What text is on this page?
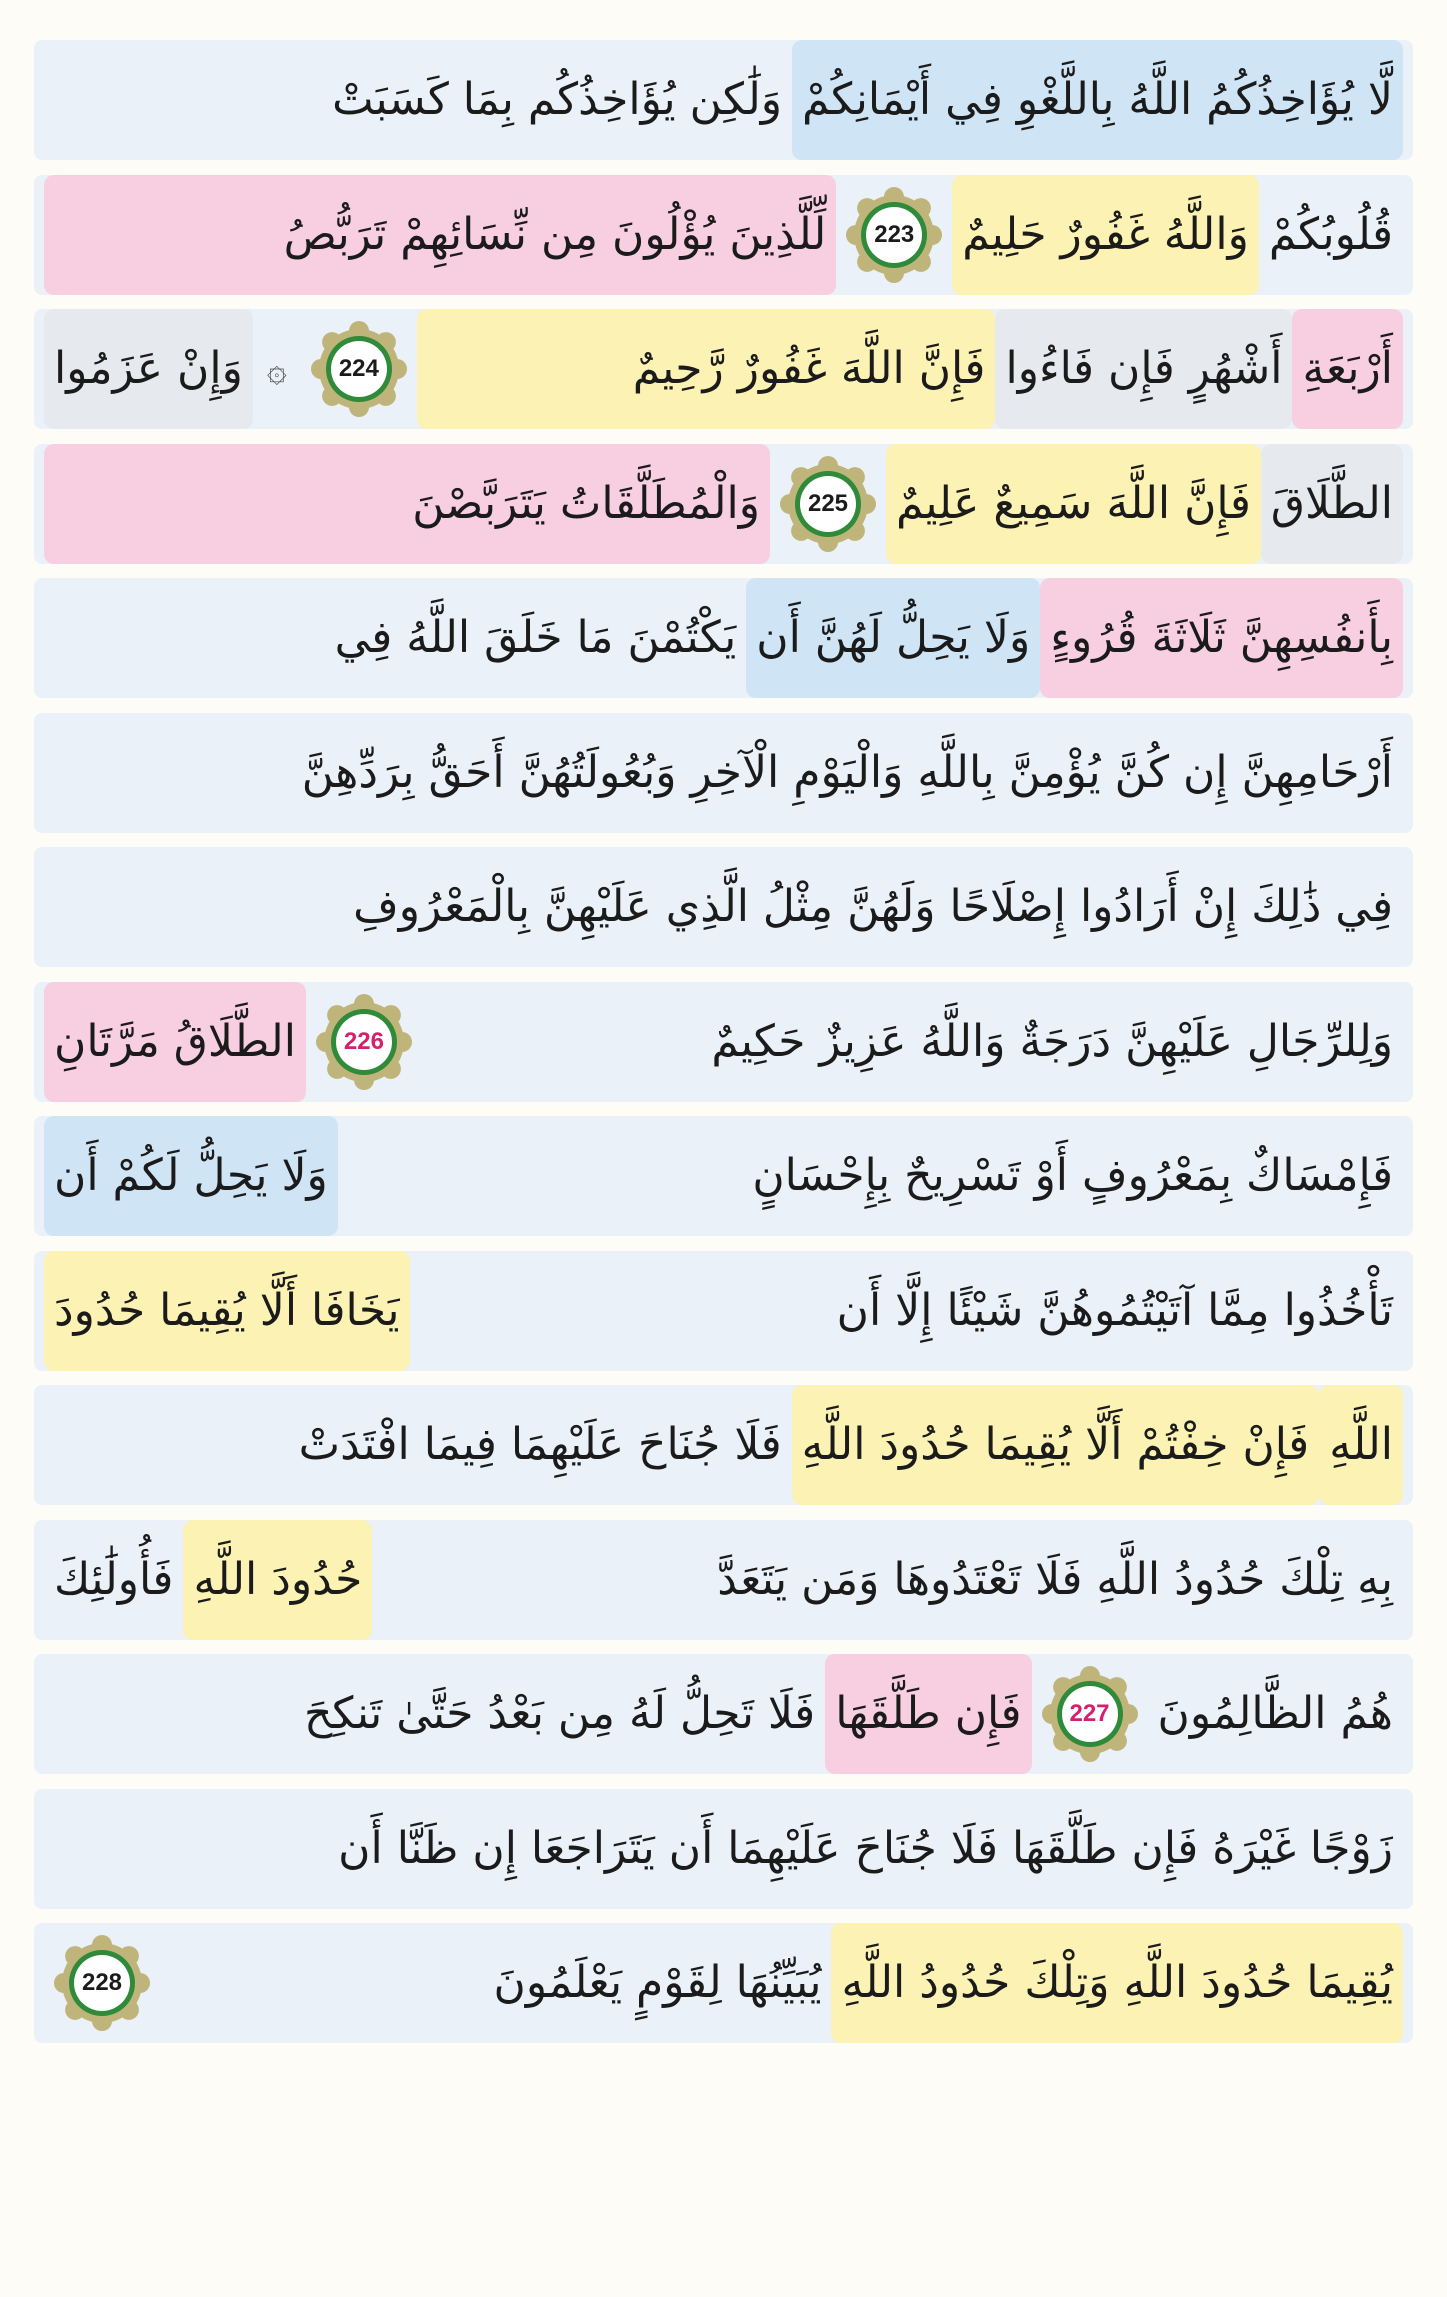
لَّا يُؤَاخِذُكُمُ اللَّهُ بِاللَّغْوِ فِي أَيْمَانِكُمْ
وَلَٰكِن يُؤَاخِذُكُم بِمَا كَسَبَتْ
قُلُوبُكُمْ
وَاللَّهُ غَفُورٌ حَلِيمٌ
223
لِّلَّذِينَ يُؤْلُونَ مِن نِّسَائِهِمْ تَرَبُّصُ
أَرْبَعَةِ
أَشْهُرٍ فَإِن فَاءُوا
فَإِنَّ اللَّهَ غَفُورٌ رَّحِيمٌ
224
۞
وَإِنْ عَزَمُوا
الطَّلَاقَ
فَإِنَّ اللَّهَ سَمِيعٌ عَلِيمٌ
225
وَالْمُطَلَّقَاتُ يَتَرَبَّصْنَ
بِأَنفُسِهِنَّ ثَلَاثَةَ قُرُوءٍ
وَلَا يَحِلُّ لَهُنَّ أَن
يَكْتُمْنَ مَا خَلَقَ اللَّهُ فِي
أَرْحَامِهِنَّ إِن كُنَّ يُؤْمِنَّ بِاللَّهِ وَالْيَوْمِ الْآخِرِ وَبُعُولَتُهُنَّ أَحَقُّ بِرَدِّهِنَّ
فِي ذَٰلِكَ إِنْ أَرَادُوا إِصْلَاحًا وَلَهُنَّ مِثْلُ الَّذِي عَلَيْهِنَّ بِالْمَعْرُوفِ
وَلِلرِّجَالِ عَلَيْهِنَّ دَرَجَةٌ وَاللَّهُ عَزِيزٌ حَكِيمٌ
226
الطَّلَاقُ مَرَّتَانِ
فَإِمْسَاكٌ بِمَعْرُوفٍ أَوْ تَسْرِيحٌ بِإِحْسَانٍ
وَلَا يَحِلُّ لَكُمْ أَن
تَأْخُذُوا مِمَّا آتَيْتُمُوهُنَّ شَيْئًا إِلَّا أَن
يَخَافَا أَلَّا يُقِيمَا حُدُودَ
اللَّهِ
فَإِنْ خِفْتُمْ أَلَّا يُقِيمَا حُدُودَ اللَّهِ
فَلَا جُنَاحَ عَلَيْهِمَا فِيمَا افْتَدَتْ
بِهِ تِلْكَ حُدُودُ اللَّهِ فَلَا تَعْتَدُوهَا وَمَن يَتَعَدَّ
حُدُودَ اللَّهِ
فَأُولَٰئِكَ
هُمُ الظَّالِمُونَ
227
فَإِن طَلَّقَهَا
فَلَا تَحِلُّ لَهُ مِن بَعْدُ حَتَّىٰ تَنكِحَ
زَوْجًا غَيْرَهُ فَإِن طَلَّقَهَا فَلَا جُنَاحَ عَلَيْهِمَا أَن يَتَرَاجَعَا إِن ظَنَّا أَن
يُقِيمَا حُدُودَ اللَّهِ وَتِلْكَ حُدُودُ اللَّهِ
يُبَيِّنُهَا لِقَوْمٍ يَعْلَمُونَ
228
